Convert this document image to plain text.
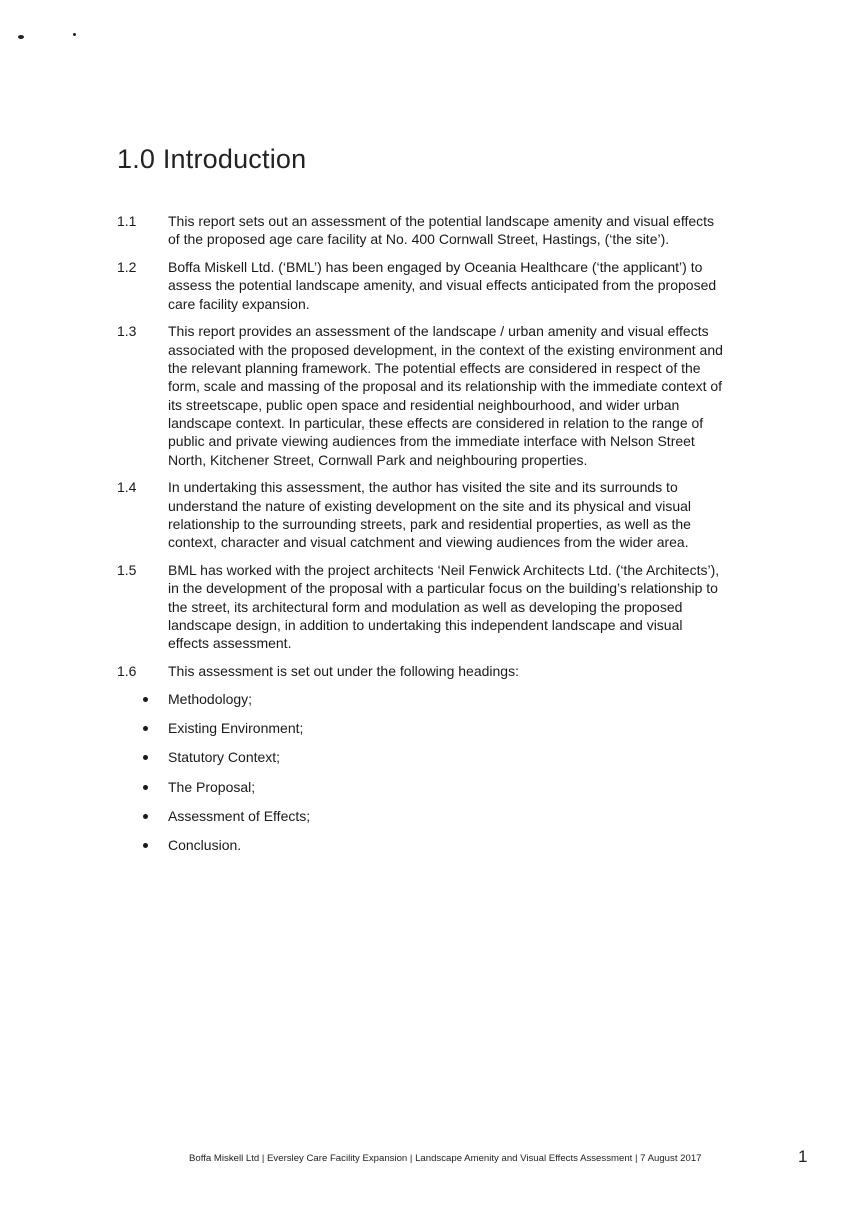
1.0 Introduction
1.1	This report sets out an assessment of the potential landscape amenity and visual effects of the proposed age care facility at No. 400 Cornwall Street, Hastings, (‘the site’).
1.2	Boffa Miskell Ltd. (‘BML’) has been engaged by Oceania Healthcare (‘the applicant’) to assess the potential landscape amenity, and visual effects anticipated from the proposed care facility expansion.
1.3	This report provides an assessment of the landscape / urban amenity and visual effects associated with the proposed development, in the context of the existing environment and the relevant planning framework. The potential effects are considered in respect of the form, scale and massing of the proposal and its relationship with the immediate context of its streetscape, public open space and residential neighbourhood, and wider urban landscape context. In particular, these effects are considered in relation to the range of public and private viewing audiences from the immediate interface with Nelson Street North, Kitchener Street, Cornwall Park and neighbouring properties.
1.4	In undertaking this assessment, the author has visited the site and its surrounds to understand the nature of existing development on the site and its physical and visual relationship to the surrounding streets, park and residential properties, as well as the context, character and visual catchment and viewing audiences from the wider area.
1.5	BML has worked with the project architects ‘Neil Fenwick Architects Ltd. (‘the Architects’), in the development of the proposal with a particular focus on the building’s relationship to the street, its architectural form and modulation as well as developing the proposed landscape design, in addition to undertaking this independent landscape and visual effects assessment.
1.6	This assessment is set out under the following headings:
Methodology;
Existing Environment;
Statutory Context;
The Proposal;
Assessment of Effects;
Conclusion.
Boffa Miskell Ltd | Eversley Care Facility Expansion | Landscape Amenity and Visual Effects Assessment | 7 August 2017	1
